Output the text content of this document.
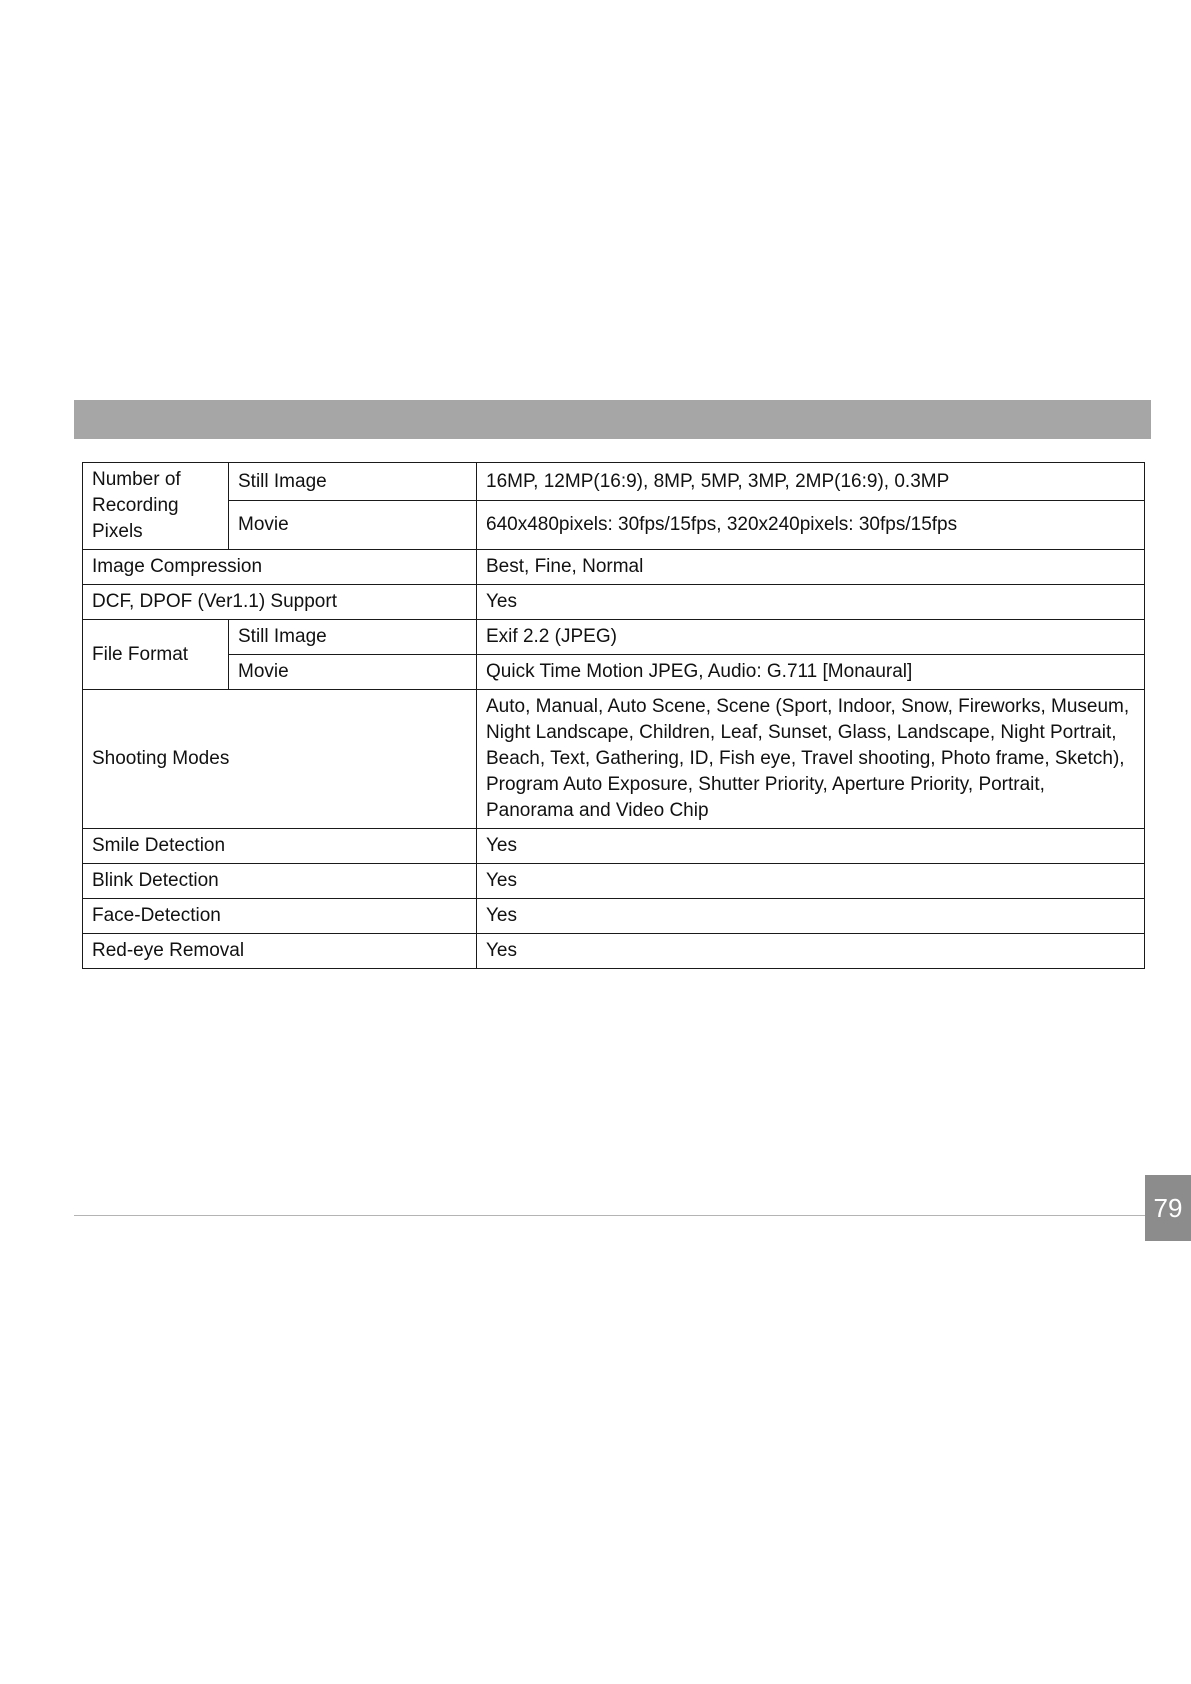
Number of Recording Pixels	Still Image	16MP, 12MP(16:9), 8MP, 5MP, 3MP, 2MP(16:9), 0.3MP
	Movie	640x480pixels: 30fps/15fps, 320x240pixels: 30fps/15fps
Image Compression		Best, Fine, Normal
DCF, DPOF (Ver1.1) Support		Yes
File Format	Still Image	Exif 2.2 (JPEG)
	Movie	Quick Time Motion JPEG, Audio: G.711 [Monaural]
Shooting Modes		Auto, Manual, Auto Scene, Scene (Sport, Indoor, Snow, Fireworks, Museum, Night Landscape, Children, Leaf, Sunset, Glass, Landscape, Night Portrait, Beach, Text, Gathering, ID, Fish eye, Travel shooting, Photo frame, Sketch), Program Auto Exposure, Shutter Priority, Aperture Priority, Portrait, Panorama and Video Chip
Smile Detection		Yes
Blink Detection		Yes
Face-Detection		Yes
Red-eye Removal		Yes
79
